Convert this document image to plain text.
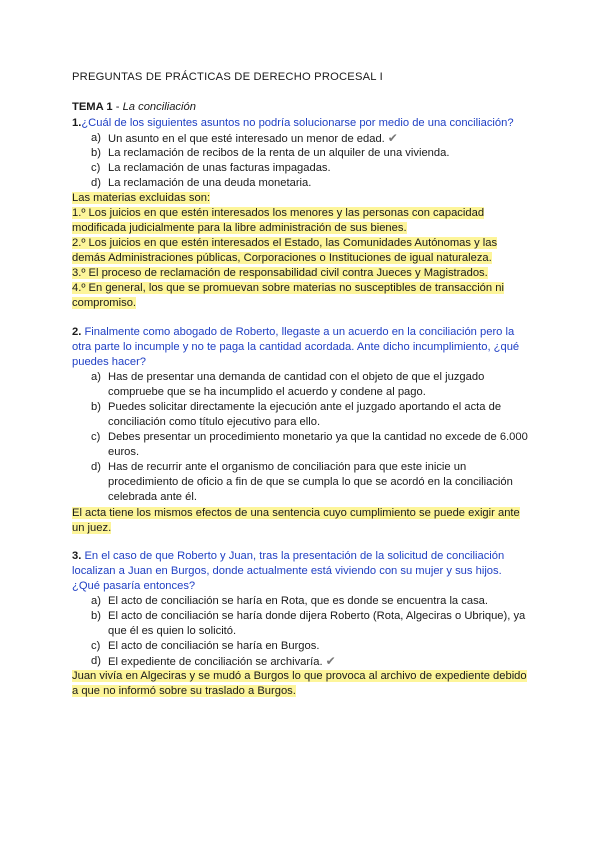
PREGUNTAS DE PRÁCTICAS DE DERECHO PROCESAL I
TEMA 1 - La conciliación
1.¿Cuál de los siguientes asuntos no podría solucionarse por medio de una conciliación?
a) Un asunto en el que esté interesado un menor de edad. ✔
b) La reclamación de recibos de la renta de un alquiler de una vivienda.
c) La reclamación de unas facturas impagadas.
d) La reclamación de una deuda monetaria.
Las materias excluidas son:
1.º Los juicios en que estén interesados los menores y las personas con capacidad
modificada judicialmente para la libre administración de sus bienes.
2.º Los juicios en que estén interesados el Estado, las Comunidades Autónomas y las
demás Administraciones públicas, Corporaciones o Instituciones de igual naturaleza.
3.º El proceso de reclamación de responsabilidad civil contra Jueces y Magistrados.
4.º En general, los que se promuevan sobre materias no susceptibles de transacción ni
compromiso.
2. Finalmente como abogado de Roberto, llegaste a un acuerdo en la conciliación pero la
otra parte lo incumple y no te paga la cantidad acordada. Ante dicho incumplimiento, ¿qué
puedes hacer?
a) Has de presentar una demanda de cantidad con el objeto de que el juzgado
compruebe que se ha incumplido el acuerdo y condene al pago.
b) Puedes solicitar directamente la ejecución ante el juzgado aportando el acta de
conciliación como título ejecutivo para ello.
c) Debes presentar un procedimiento monetario ya que la cantidad no excede de 6.000
euros.
d) Has de recurrir ante el organismo de conciliación para que este inicie un
procedimiento de oficio a fin de que se cumpla lo que se acordó en la conciliación
celebrada ante él.
El acta tiene los mismos efectos de una sentencia cuyo cumplimiento se puede exigir ante
un juez.
3. En el caso de que Roberto y Juan, tras la presentación de la solicitud de conciliación
localizan a Juan en Burgos, donde actualmente está viviendo con su mujer y sus hijos.
¿Qué pasaría entonces?
a) El acto de conciliación se haría en Rota, que es donde se encuentra la casa.
b) El acto de conciliación se haría donde dijera Roberto (Rota, Algeciras o Ubrique), ya
que él es quien lo solicitó.
c) El acto de conciliación se haría en Burgos.
d) El expediente de conciliación se archivaría. ✔
Juan vivía en Algeciras y se mudó a Burgos lo que provoca al archivo de expediente debido
a que no informó sobre su traslado a Burgos.
